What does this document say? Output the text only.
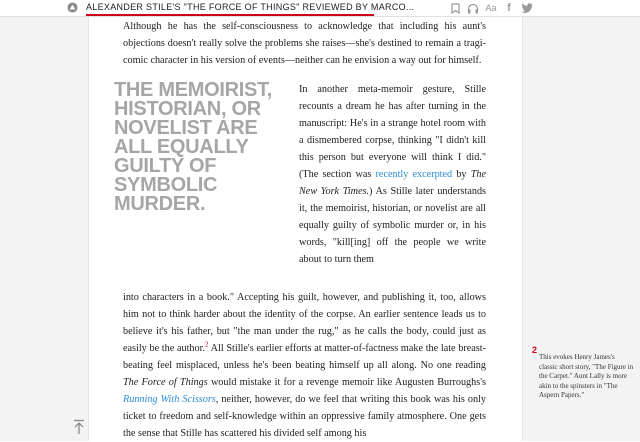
ALEXANDER STILE'S "THE FORCE OF THINGS" REVIEWED BY MARCO...	Aa f

Although he has the self-consciousness to acknowledge that including his aunt's objections doesn't really solve the problems she raises—she's destined to remain a tragi-comic character in his version of events—neither can he envision a way out for himself.

THE MEMOIRIST, HISTORIAN, OR NOVELIST ARE ALL EQUALLY GUILTY OF SYMBOLIC MURDER.
In another meta-memoir gesture, Stille recounts a dream he has after turning in the manuscript: He's in a strange hotel room with a dismembered corpse, thinking "I didn't kill this person but everyone will think I did." (The section was recently excerpted by The New York Times.) As Stille later understands it, the memoirist, historian, or novelist are all equally guilty of symbolic murder or, in his words, "kill[ing] off the people we write about to turn them

into characters in a book." Accepting his guilt, however, and publishing it, too, allows him not to think harder about the identity of the corpse. An earlier sentence leads us to believe it's his father, but "the man under the rug," as he calls the body, could just as easily be the author.$^2$ All Stille's earlier efforts at matter-of-factness make the late breast-beating feel misplaced, unless he's been beating himself up all along. No one reading The Force of Things would mistake it for a revenge memoir like Augusten Burroughs's Running With Scissors, neither, however, do we feel that writing this book was his only ticket to freedom and self-knowledge within an oppressive family atmosphere. One gets the sense that Stille has scattered his divided self among his

2
This evokes Henry James's classic short story, "The Figure in the Carpet." Aunt Lally is more akin to the spinsters in "The Aspern Papers."
